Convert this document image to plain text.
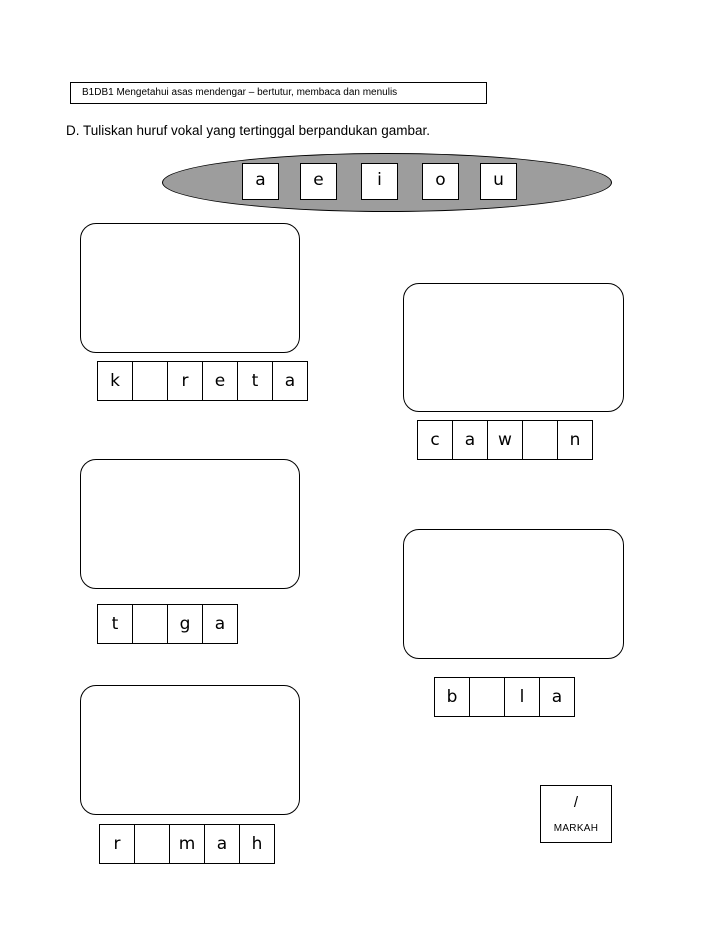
B1DB1 Mengetahui asas mendengar – bertutur, membaca dan menulis
D. Tuliskan huruf vokal yang tertinggal berpandukan gambar.
a	e	i	o	u
k	r	e	t	a
c	a	w	n
t	g	a
b	l	a
r	m	a	h
/
MARKAH
